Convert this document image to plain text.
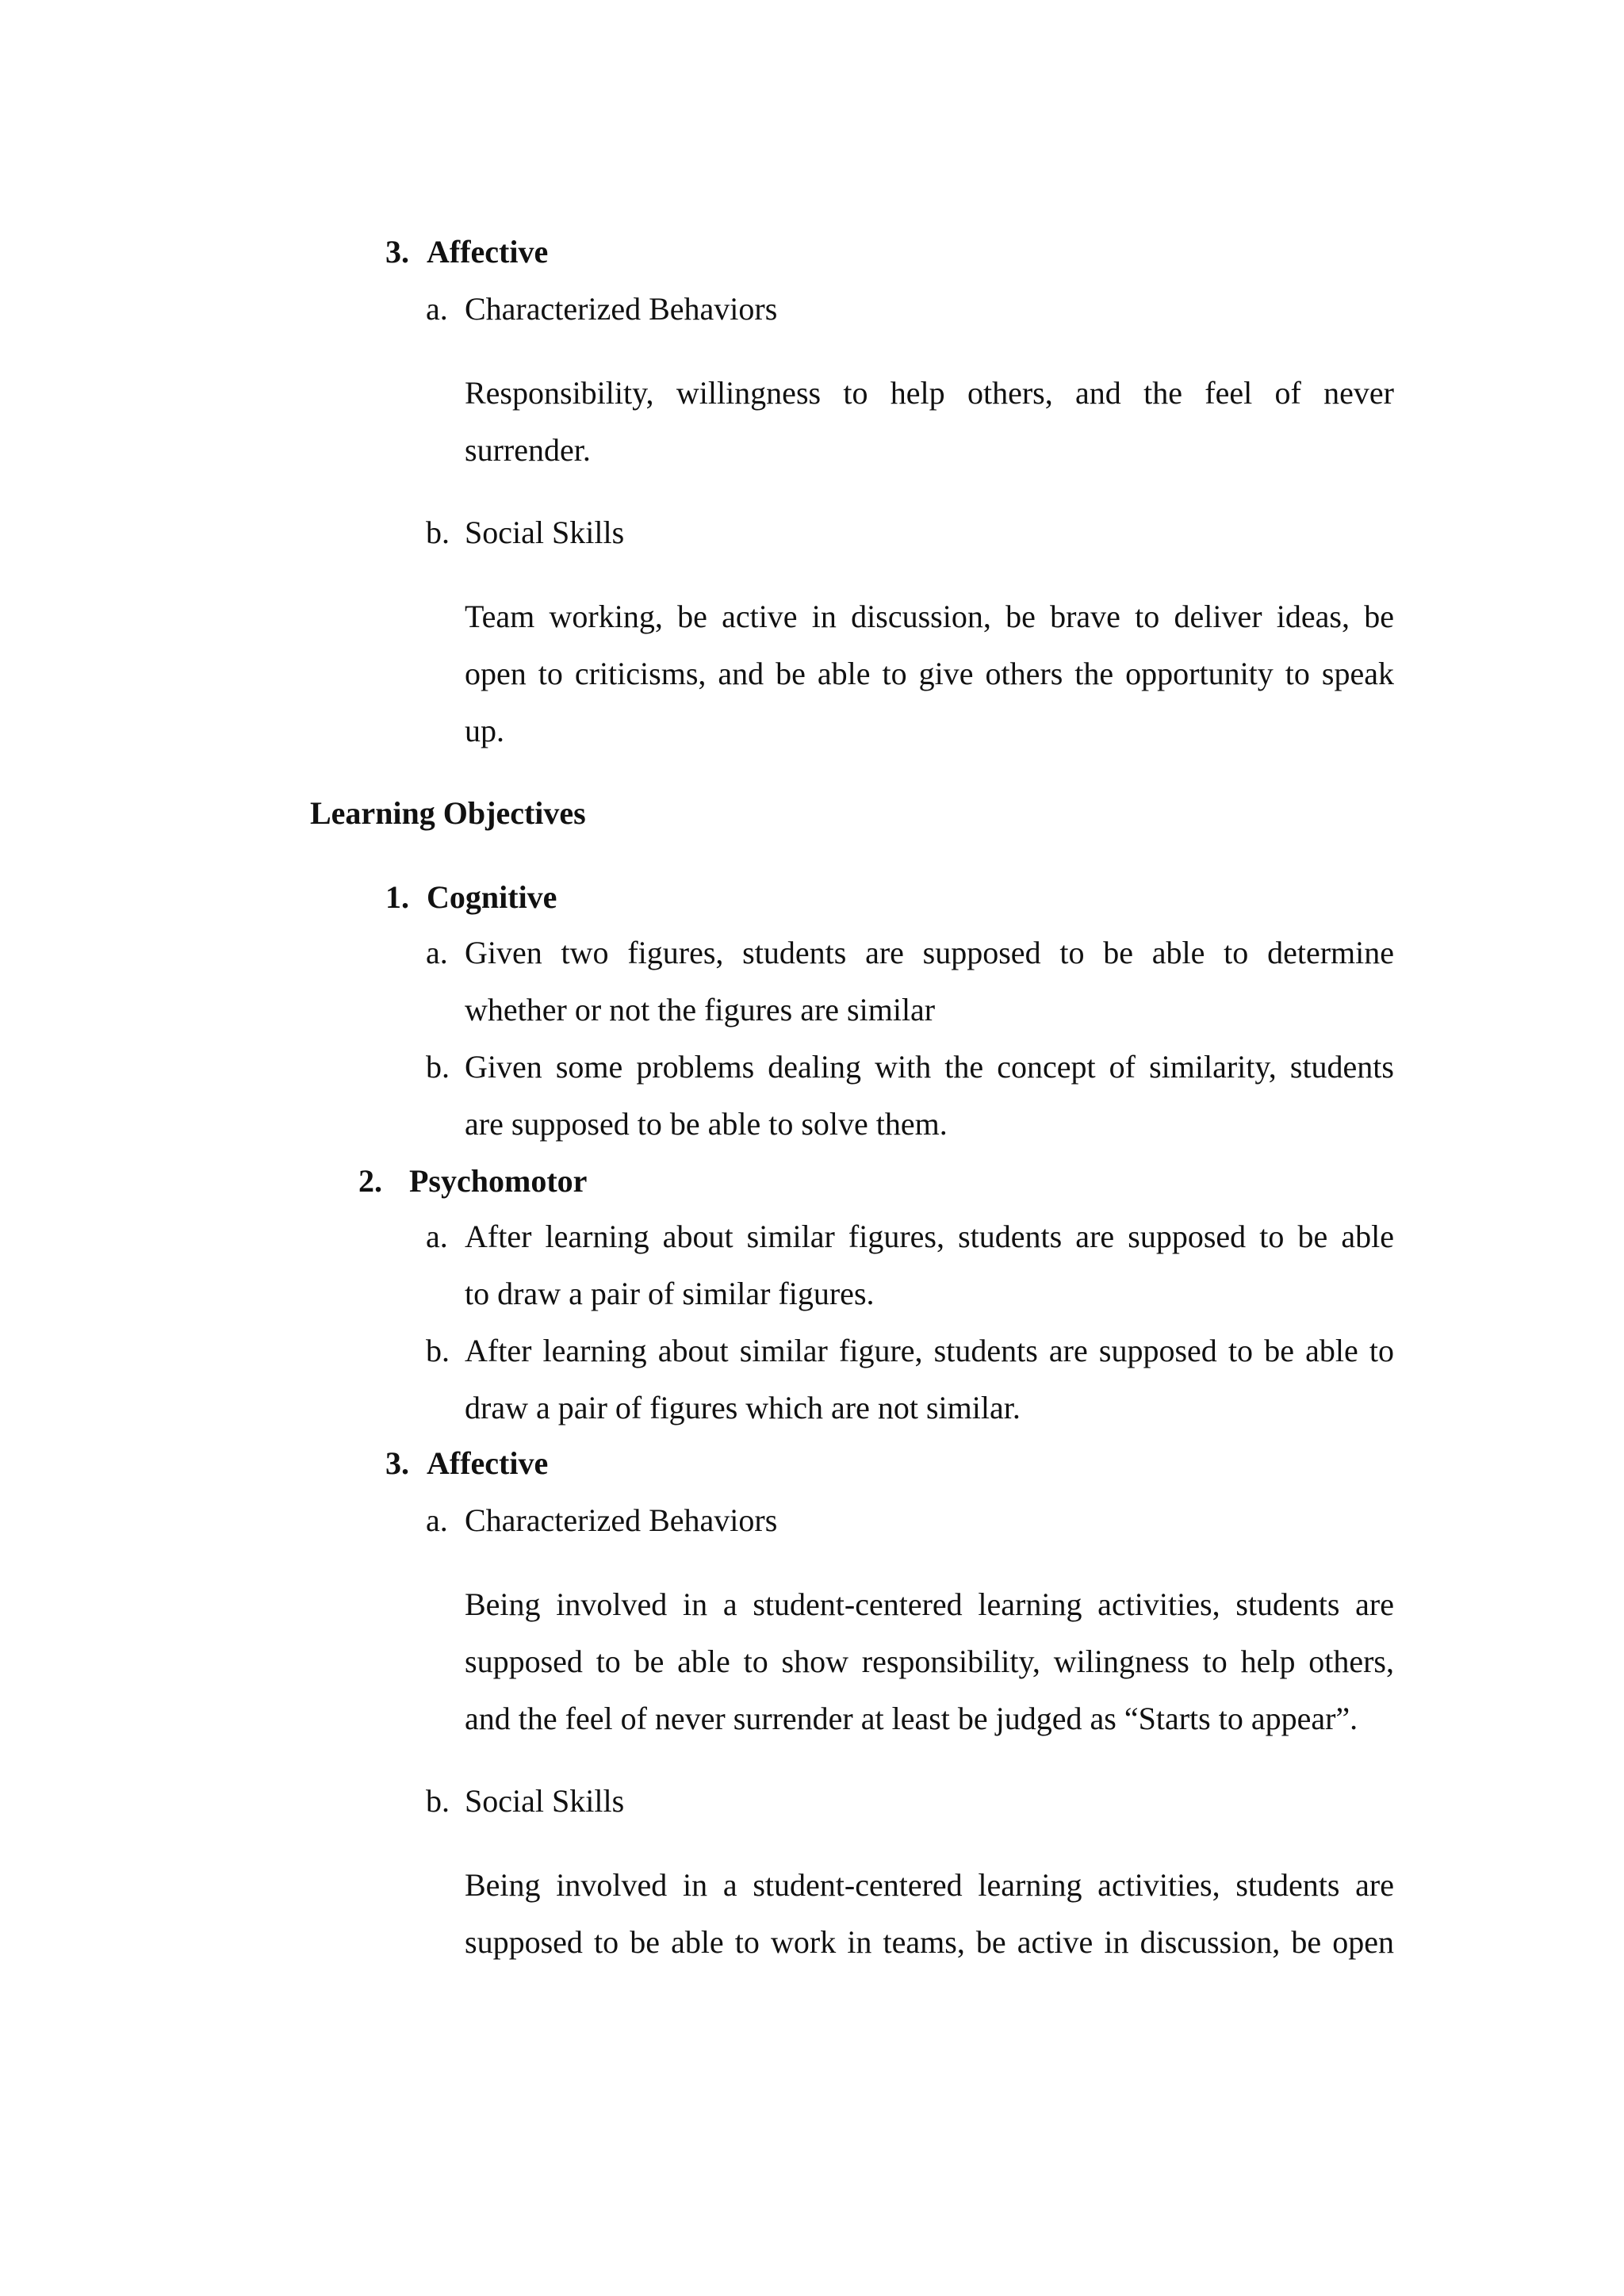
3. Affective
a. Characterized Behaviors
Responsibility, willingness to help others, and the feel of never
surrender.
b. Social Skills
Team working, be active in discussion, be brave to deliver ideas, be
open to criticisms, and be able to give others the opportunity to speak
up.
Learning Objectives
1. Cognitive
a. Given two figures, students are supposed to be able to determine
whether or not the figures are similar
b. Given some problems dealing with the concept of similarity, students
are supposed to be able to solve them.
2. Psychomotor
a. After learning about similar figures, students are supposed to be able
to draw a pair of similar figures.
b. After learning about similar figure, students are supposed to be able to
draw a pair of figures which are not similar.
3. Affective
a. Characterized Behaviors
Being involved in a student-centered learning activities, students are
supposed to be able to show responsibility, wilingness to help others,
and the feel of never surrender at least be judged as “Starts to appear”.
b. Social Skills
Being involved in a student-centered learning activities, students are
supposed to be able to work in teams, be active in discussion, be open
